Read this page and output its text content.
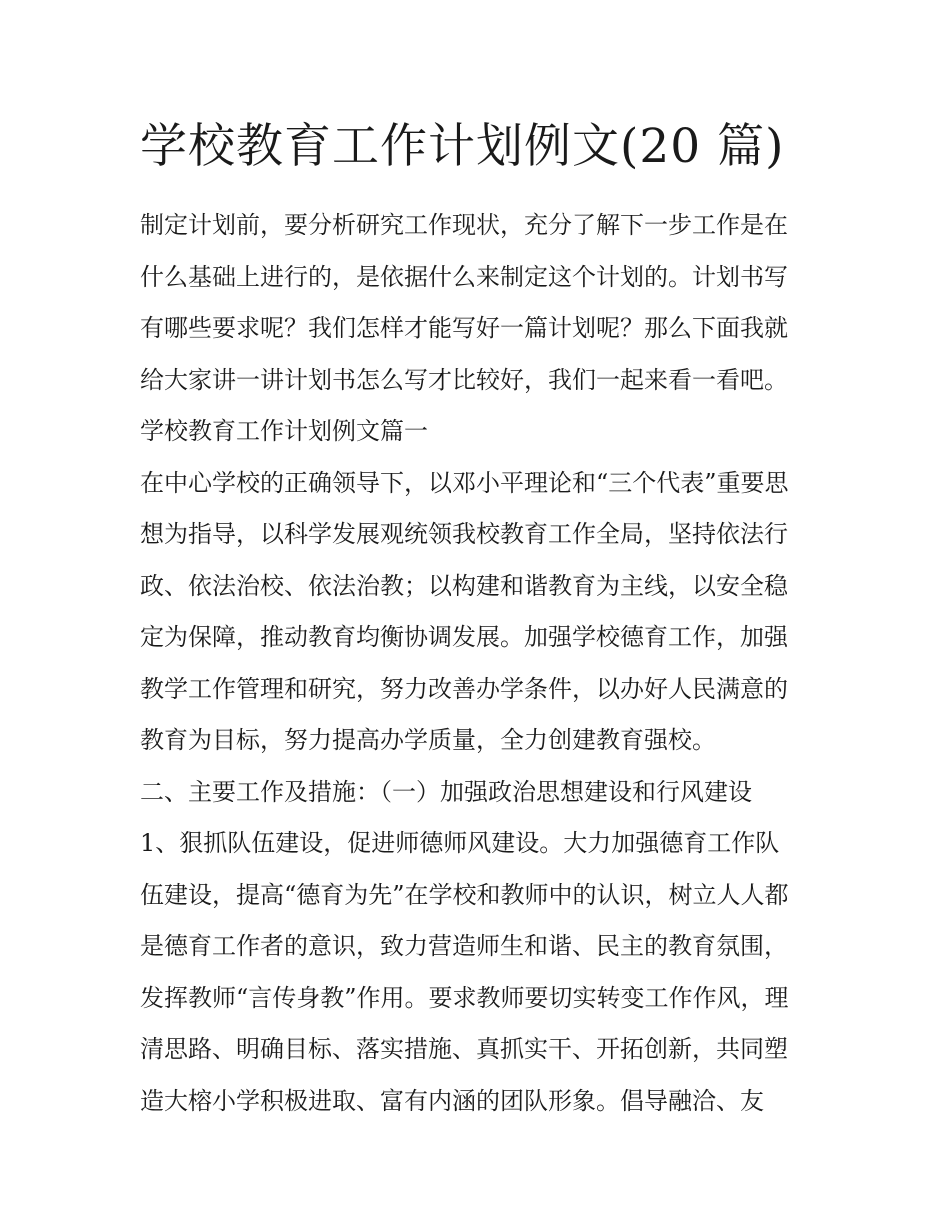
学校教育工作计划例文(20 篇)
制定计划前，要分析研究工作现状，充分了解下一步工作是在
什么基础上进行的，是依据什么来制定这个计划的。计划书写
有哪些要求呢？我们怎样才能写好一篇计划呢？那么下面我就
给大家讲一讲计划书怎么写才比较好，我们一起来看一看吧。
学校教育工作计划例文篇一
在中心学校的正确领导下，以邓小平理论和“三个代表”重要思
想为指导，以科学发展观统领我校教育工作全局，坚持依法行
政、依法治校、依法治教；以构建和谐教育为主线，以安全稳
定为保障，推动教育均衡协调发展。加强学校德育工作，加强
教学工作管理和研究，努力改善办学条件，以办好人民满意的
教育为目标，努力提高办学质量，全力创建教育强校。
二、主要工作及措施：（一）加强政治思想建设和行风建设
1、狠抓队伍建设，促进师德师风建设。大力加强德育工作队
伍建设，提高“德育为先”在学校和教师中的认识，树立人人都
是德育工作者的意识，致力营造师生和谐、民主的教育氛围，
发挥教师“言传身教”作用。要求教师要切实转变工作作风，理
清思路、明确目标、落实措施、真抓实干、开拓创新，共同塑
造大榕小学积极进取、富有内涵的团队形象。倡导融洽、友
